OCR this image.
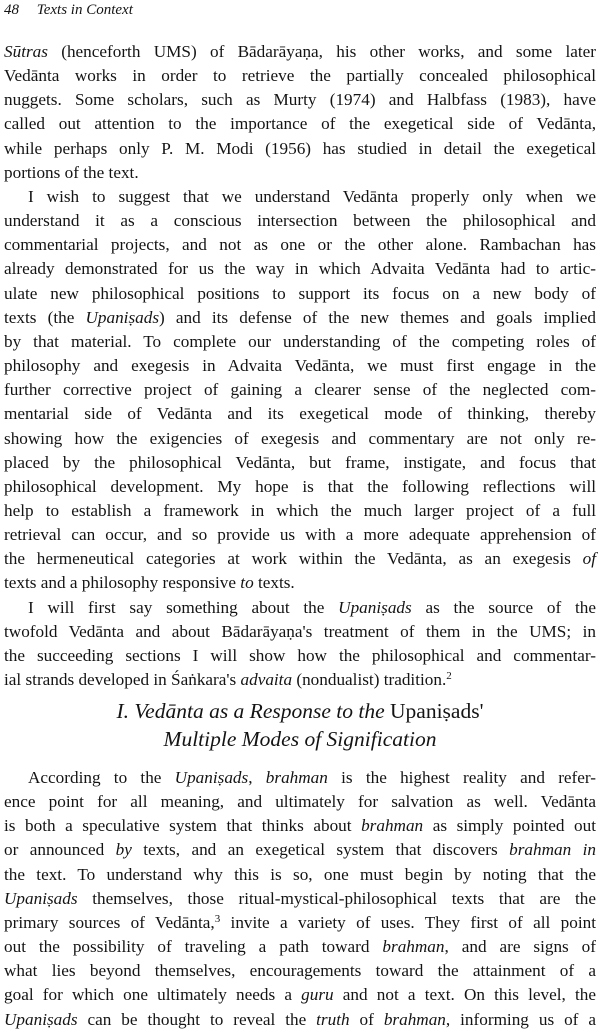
48 Texts in Context
Sūtras (henceforth UMS) of Bādarāyaṇa, his other works, and some later
Vedānta works in order to retrieve the partially concealed philosophical
nuggets. Some scholars, such as Murty (1974) and Halbfass (1983), have
called out attention to the importance of the exegetical side of Vedānta,
while perhaps only P. M. Modi (1956) has studied in detail the exegetical
portions of the text.
I wish to suggest that we understand Vedānta properly only when we
understand it as a conscious intersection between the philosophical and
commentarial projects, and not as one or the other alone. Rambachan has
already demonstrated for us the way in which Advaita Vedānta had to artic-
ulate new philosophical positions to support its focus on a new body of
texts (the Upaniṣads) and its defense of the new themes and goals implied
by that material. To complete our understanding of the competing roles of
philosophy and exegesis in Advaita Vedānta, we must first engage in the
further corrective project of gaining a clearer sense of the neglected com-
mentarial side of Vedānta and its exegetical mode of thinking, thereby
showing how the exigencies of exegesis and commentary are not only re-
placed by the philosophical Vedānta, but frame, instigate, and focus that
philosophical development. My hope is that the following reflections will
help to establish a framework in which the much larger project of a full
retrieval can occur, and so provide us with a more adequate apprehension of
the hermeneutical categories at work within the Vedānta, as an exegesis of
texts and a philosophy responsive to texts.
I will first say something about the Upaniṣads as the source of the
twofold Vedānta and about Bādarāyaṇa's treatment of them in the UMS; in
the succeeding sections I will show how the philosophical and commentar-
ial strands developed in Śaṅkara's advaita (nondualist) tradition.$^2$
I. Vedānta as a Response to the Upaniṣads'
Multiple Modes of Signification
According to the Upaniṣads, brahman is the highest reality and refer-
ence point for all meaning, and ultimately for salvation as well. Vedānta
is both a speculative system that thinks about brahman as simply pointed out
or announced by texts, and an exegetical system that discovers brahman in
the text. To understand why this is so, one must begin by noting that the
Upaniṣads themselves, those ritual-mystical-philosophical texts that are the
primary sources of Vedānta,$^3$ invite a variety of uses. They first of all point
out the possibility of traveling a path toward brahman, and are signs of
what lies beyond themselves, encouragements toward the attainment of a
goal for which one ultimately needs a guru and not a text. On this level, the
Upaniṣads can be thought to reveal the truth of brahman, informing us of a
